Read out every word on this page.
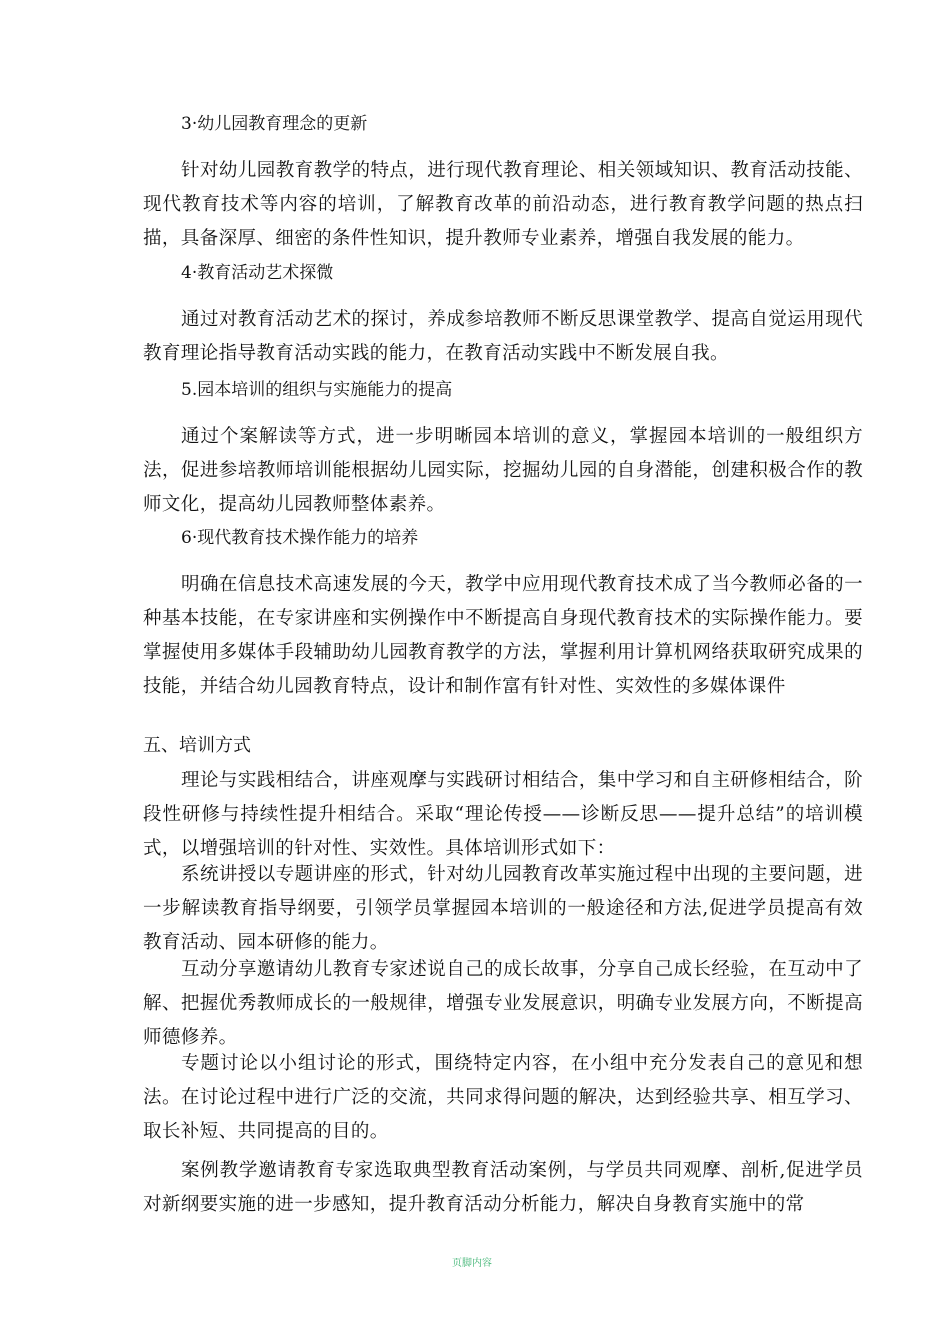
3·幼儿园教育理念的更新
针对幼儿园教育教学的特点，进行现代教育理论、相关领域知识、教育活动技能、现代教育技术等内容的培训，了解教育改革的前沿动态，进行教育教学问题的热点扫描，具备深厚、细密的条件性知识，提升教师专业素养，增强自我发展的能力。
4·教育活动艺术探微
通过对教育活动艺术的探讨，养成参培教师不断反思课堂教学、提高自觉运用现代教育理论指导教育活动实践的能力，在教育活动实践中不断发展自我。
5.园本培训的组织与实施能力的提高
通过个案解读等方式，进一步明晰园本培训的意义，掌握园本培训的一般组织方法，促进参培教师培训能根据幼儿园实际，挖掘幼儿园的自身潜能，创建积极合作的教师文化，提高幼儿园教师整体素养。
6·现代教育技术操作能力的培养
明确在信息技术高速发展的今天，教学中应用现代教育技术成了当今教师必备的一种基本技能，在专家讲座和实例操作中不断提高自身现代教育技术的实际操作能力。要掌握使用多媒体手段辅助幼儿园教育教学的方法，掌握利用计算机网络获取研究成果的技能，并结合幼儿园教育特点，设计和制作富有针对性、实效性的多媒体课件
五、培训方式
理论与实践相结合，讲座观摩与实践研讨相结合，集中学习和自主研修相结合，阶段性研修与持续性提升相结合。采取“理论传授——诊断反思——提升总结”的培训模式，以增强培训的针对性、实效性。具体培训形式如下：
系统讲授以专题讲座的形式，针对幼儿园教育改革实施过程中出现的主要问题，进一步解读教育指导纲要，引领学员掌握园本培训的一般途径和方法,促进学员提高有效教育活动、园本研修的能力。
互动分享邀请幼儿教育专家述说自己的成长故事，分享自己成长经验，在互动中了解、把握优秀教师成长的一般规律，增强专业发展意识，明确专业发展方向，不断提高师德修养。
专题讨论以小组讨论的形式，围绕特定内容，在小组中充分发表自己的意见和想法。在讨论过程中进行广泛的交流，共同求得问题的解决，达到经验共享、相互学习、取长补短、共同提高的目的。
案例教学邀请教育专家选取典型教育活动案例，与学员共同观摩、剖析,促进学员对新纲要实施的进一步感知，提升教育活动分析能力，解决自身教育实施中的常
页脚内容
